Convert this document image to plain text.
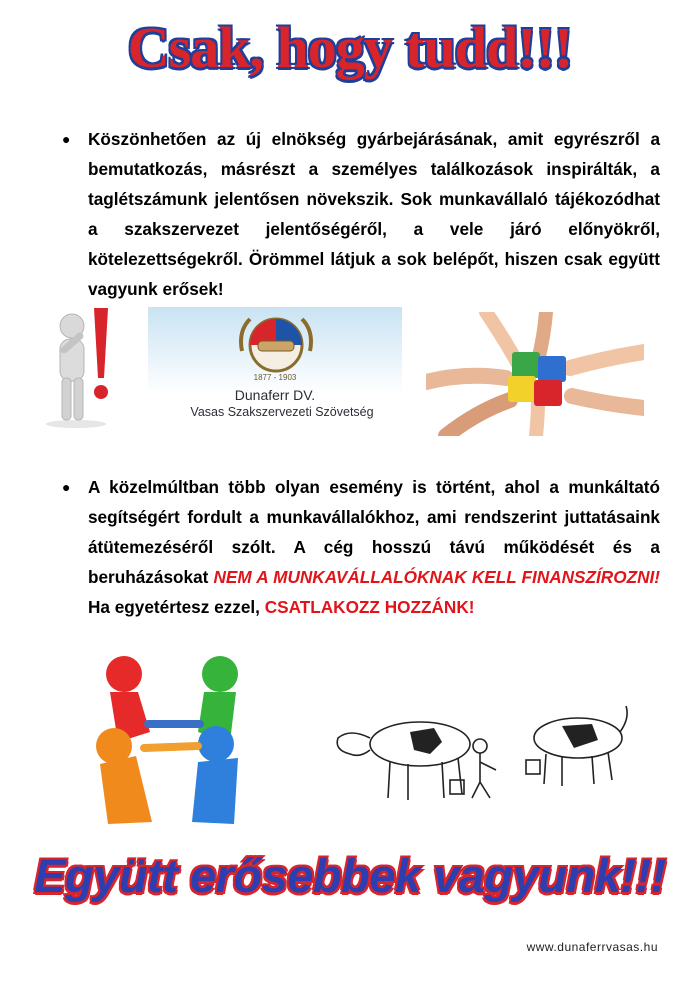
Csak, hogy tudd!!!
●	Köszönhetően az új elnökség gyárbejárásának, amit egyrészről a bemutatkozás, másrészt a személyes találkozások inspirálták, a taglétszámunk jelentősen növekszik. Sok munkavállaló tájékozódhat a szakszervezet jelentőségéről, a vele járó előnyökről, kötelezettségekről. Örömmel látjuk a sok belépőt, hiszen csak együtt vagyunk erősek!
1877 - 1903
Dunaferr DV.
Vasas Szakszervezeti Szövetség
●	A közelmúltban több olyan esemény is történt, ahol a munkáltató segítségért fordult a munkavállalókhoz, ami rendszerint juttatásaink átütemezéséről szólt. A cég hosszú távú működését és a beruházásokat NEM A MUNKAVÁLLALÓKNAK KELL FINANSZÍROZNI! Ha egyetértesz ezzel, CSATLAKOZZ HOZZÁNK!
Együtt erősebbek vagyunk!!!
www.dunaferrvasas.hu
